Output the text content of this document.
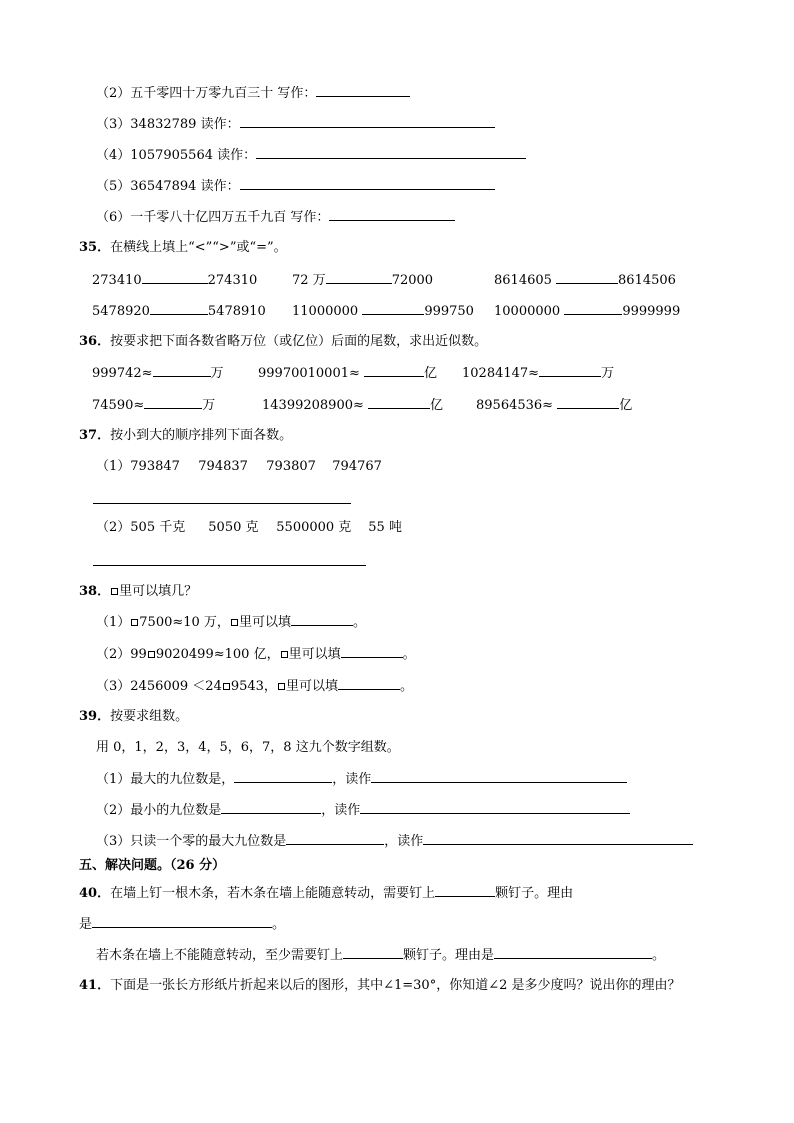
（2）五千零四十万零九百三十 写作：
（3）34832789 读作：
（4）1057905564 读作：
（5）36547894 读作：
（6）一千零八十亿四万五千九百 写作：
35．在横线上填上“<”“>”或“=”。
273410	274310	72 万	72000	8614605	8614506
5478920	5478910 11000000	999750 10000000	9999999
36．按要求把下面各数省略万位（或亿位）后面的尾数，求出近似数。
999742≈	万	99970010001≈	亿 10284147≈	万
74590≈	万	14399208900≈	亿	89564536≈	亿
37．按小到大的顺序排列下面各数。
（1）793847 794837 793807 794767
（2）505 千克 5050 克 5500000 克 55 吨
38． 里可以填几？
（1） 7500≈10 万， 里可以填	。
（2）99 9020499≈100 亿， 里可以填	。
（3）2456009 ＜24 9543， 里可以填	。
39．按要求组数。
用 0，1，2，3，4，5，6，7，8 这九个数字组数。
（1）最大的九位数是，	，读作
（2）最小的九位数是	，读作
（3）只读一个零的最大九位数是	，读作
五、解决问题。（26 分）
40．在墙上钉一根木条，若木条在墙上能随意转动，需要钉上	颗钉子。理由
是	。
若木条在墙上不能随意转动，至少需要钉上	颗钉子。理由是	。
41．下面是一张长方形纸片折起来以后的图形，其中∠1=30°，你知道∠2 是多少度吗？说出你的理由？
